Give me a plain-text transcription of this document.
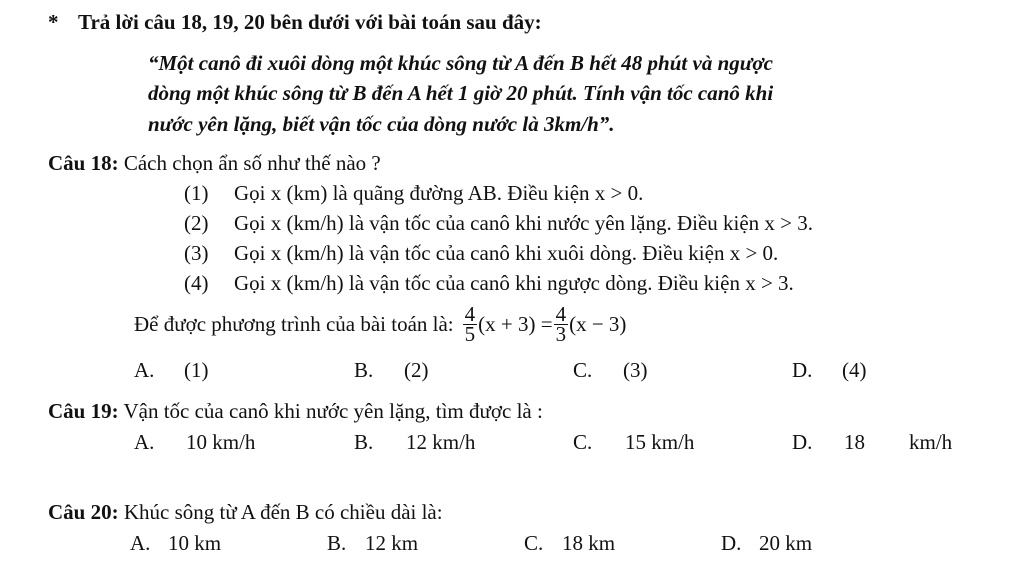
* Trả lời câu 18, 19, 20 bên dưới với bài toán sau đây:
“Một canô đi xuôi dòng một khúc sông từ A đến B hết 48 phút và ngược
dòng một khúc sông từ B đến A hết 1 giờ 20 phút. Tính vận tốc canô khi
nước yên lặng, biết vận tốc của dòng nước là 3km/h”.
Câu 18: Cách chọn ẩn số như thế nào ?
(1) Gọi x (km) là quãng đường AB. Điều kiện x > 0.
(2) Gọi x (km/h) là vận tốc của canô khi nước yên lặng. Điều kiện x > 3.
(3) Gọi x (km/h) là vận tốc của canô khi xuôi dòng. Điều kiện x > 0.
(4) Gọi x (km/h) là vận tốc của canô khi ngược dòng. Điều kiện x > 3.
Để được phương trình của bài toán là: $\frac{4}{5} (x + 3) = \frac{4}{3} (x - 3)$
A. (1)	B. (2)	C. (3)	D. (4)
Câu 19: Vận tốc của canô khi nước yên lặng, tìm được là :
A. 10 km/h	B. 12 km/h	C. 15 km/h	D. 18 km/h
Câu 20: Khúc sông từ A đến B có chiều dài là:
A. 10 km	B. 12 km	C. 18 km	D. 20 km
